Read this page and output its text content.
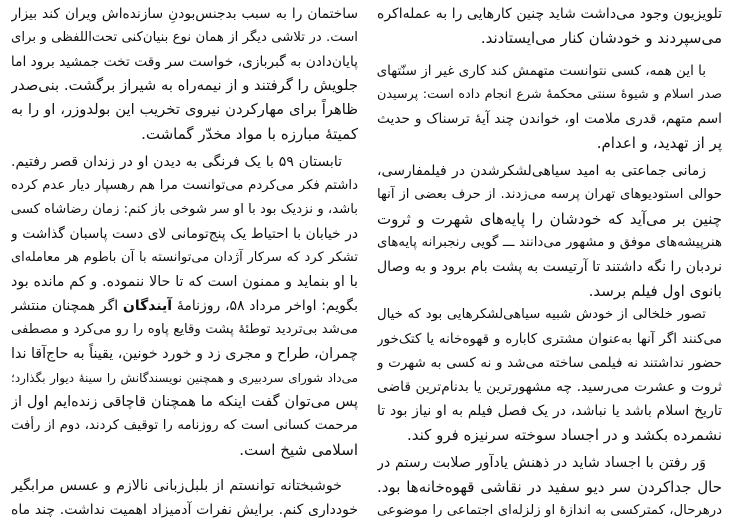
تلویزیون وجود می‌داشت شاید چنین کارهایی را به عمله‌اکره
می‌سپردند و خودشان کنار می‌ایستادند.
با این همه، کسی نتوانست متهمش کند کاری غیر از سنّتهای
صدر اسلام و شیوهٔ سنتی محکمهٔ شرع انجام داده است: پرسیدن
اسم متهم، قدری ملامت او، خواندن چند آیهٔ ترسناک و حدیث
پر از تهدید، و اعدام.
زمانی جماعتی به امید سیاهی‌لشکرشدن در فیلمفارسی،
حوالی استودیوهای تهران پرسه می‌زدند. از حرف بعضی از آنها
چنین بر می‌آید که خودشان را پایه‌های شهرت و ثروت
هنرپیشه‌های موفق و مشهور می‌دانند ـــ گویی رنجبرانه پایه‌های
نردبان را نگه داشتند تا آرتیست به پشت بام برود و به وصال
بانوی اول فیلم برسد.
تصور خلخالی از خودش شبیه سیاهی‌لشکرهایی بود که خیال
می‌کنند اگر آنها به‌عنوان مشتری کاباره و قهوه‌خانه یا کتک‌خور
حضور نداشتند نه فیلمی ساخته می‌شد و نه کسی به شهرت و
ثروت و عشرت می‌رسید. چه مشهورترین یا بدنام‌ترین قاضی
تاریخ اسلام باشد یا نباشد، در یک فصل فیلم به او نیاز بود تا
نشمرده بکشد و در اجساد سوخته سرنیزه فرو کند.
وَر رفتن با اجساد شاید در ذهنش یادآور صلابت رستم در
حال جداکردن سر دیو سفید در نقاشی قهوه‌خانه‌ها بود.
درهرحال، کمترکسی به اندازهٔ او زلزله‌ای اجتماعی را موضوعی
ساختمان را به سبب بدجنس‌بودنِ سازنده‌اش ویران کند بیزار
است. در تلاشی دیگر از همان نوع بنیان‌کنی تحت‌اللفظی و برای
پایان‌دادن به گبربازی، خواست سر وقت تخت جمشید برود اما
جلویش را گرفتند و از نیمه‌راه به شیراز برگشت. بنی‌صدر
ظاهراً برای مهارکردن نیروی تخریب این بولدوزر، او را به
کمیتهٔ مبارزه با مواد مخدّر گماشت.
تابستان ۵۹ با یک فرنگی به دیدن او در زندان قصر رفتیم.
داشتم فکر می‌کردم می‌توانست مرا هم رهسپار دیار عدم کرده
باشد، و نزدیک بود با او سر شوخی باز کنم: زمان رضاشاه کسی
در خیابان با احتیاط یک پنج‌تومانی لای دست پاسبان گذاشت و
تشکر کرد که سرکار آژدان می‌توانسته با آن باطوم هر معامله‌ای
با او بنماید و ممنون است که تا حالا ننموده. و کم مانده بود
بگویم: اواخر مرداد ۵۸، روزنامهٔ آیندگان اگر همچنان منتشر
می‌شد بی‌تردید توطئهٔ پشت وقایع پاوه را رو می‌کرد و مصطفی
چمران، طراح و مجری زد و خورد خونین، یقیناً به حاج‌آقا ندا
می‌داد شورای سردبیری و همچنین نویسندگانش را سینهٔ دیوار بگذارد؛
پس می‌توان گفت اینکه ما همچنان قاچاقی زنده‌ایم اول از
مرحمت کسانی است که روزنامه را توقیف کردند، دوم از رأفت
اسلامی شیخ است.
خوشبختانه توانستم از بلبل‌زبانی نالازم و عسس مرابگیر
خودداری کنم. برایش نفرات آدمیزاد اهمیت نداشت. چند ماه
